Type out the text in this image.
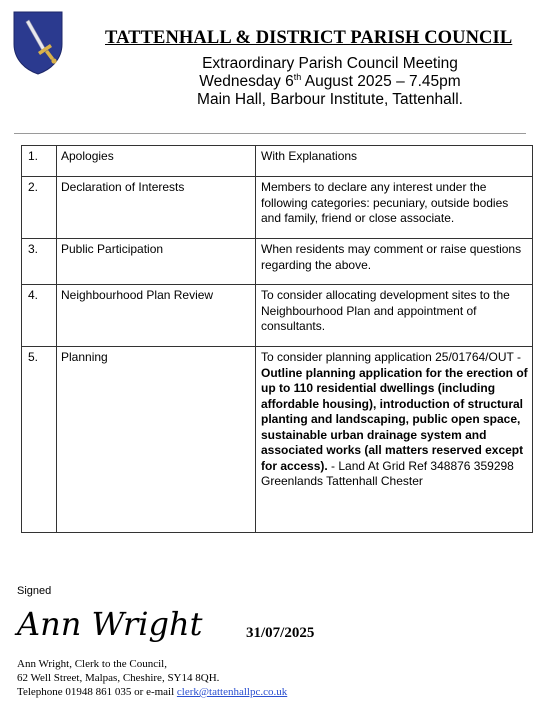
TATTENHALL & DISTRICT PARISH COUNCIL
Extraordinary Parish Council Meeting
Wednesday 6th August 2025 – 7.45pm
Main Hall, Barbour Institute, Tattenhall.
1.	Apologies	With Explanations
2.	Declaration of Interests	Members to declare any interest under the following categories: pecuniary, outside bodies and family, friend or close associate.
3.	Public Participation	When residents may comment or raise questions regarding the above.
4.	Neighbourhood Plan Review	To consider allocating development sites to the Neighbourhood Plan and appointment of consultants.
5.	Planning	To consider planning application 25/01764/OUT - Outline planning application for the erection of up to 110 residential dwellings (including affordable housing), introduction of structural planting and landscaping, public open space, sustainable urban drainage system and associated works (all matters reserved except for access). - Land At Grid Ref 348876 359298 Greenlands Tattenhall Chester
Signed
Ann Wright	31/07/2025
Ann Wright, Clerk to the Council,
62 Well Street, Malpas, Cheshire, SY14 8QH.
Telephone 01948 861 035 or e-mail clerk@tattenhallpc.co.uk
